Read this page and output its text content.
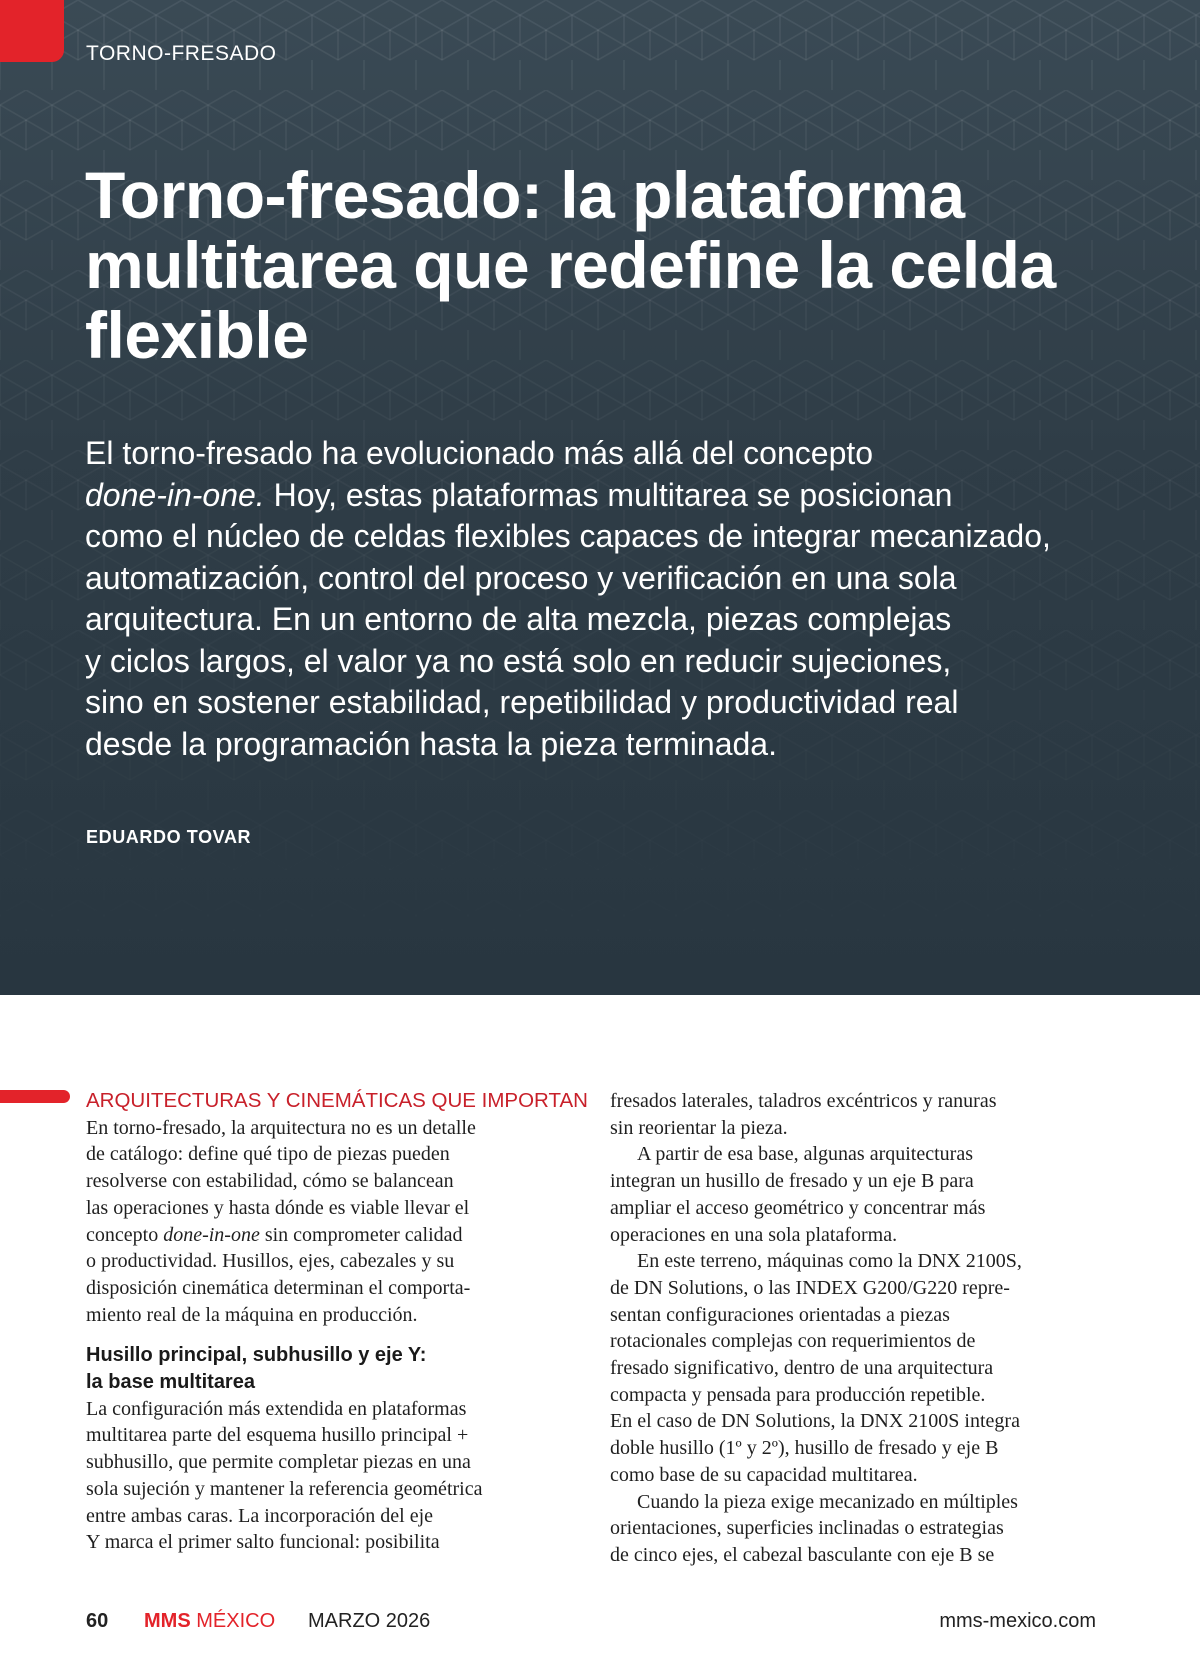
TORNO-FRESADO
Torno-fresado: la plataforma
multitarea que redefine la celda
flexible
El torno-fresado ha evolucionado más allá del concepto
done-in-one. Hoy, estas plataformas multitarea se posicionan
como el núcleo de celdas flexibles capaces de integrar mecanizado,
automatización, control del proceso y verificación en una sola
arquitectura. En un entorno de alta mezcla, piezas complejas
y ciclos largos, el valor ya no está solo en reducir sujeciones,
sino en sostener estabilidad, repetibilidad y productividad real
desde la programación hasta la pieza terminada.
EDUARDO TOVAR
ARQUITECTURAS Y CINEMÁTICAS QUE IMPORTAN
En torno-fresado, la arquitectura no es un detalle
de catálogo: define qué tipo de piezas pueden
resolverse con estabilidad, cómo se balancean
las operaciones y hasta dónde es viable llevar el
concepto done-in-one sin comprometer calidad
o productividad. Husillos, ejes, cabezales y su
disposición cinemática determinan el comporta-
miento real de la máquina en producción.
Husillo principal, subhusillo y eje Y:
la base multitarea
La configuración más extendida en plataformas
multitarea parte del esquema husillo principal +
subhusillo, que permite completar piezas en una
sola sujeción y mantener la referencia geométrica
entre ambas caras. La incorporación del eje
Y marca el primer salto funcional: posibilita
fresados laterales, taladros excéntricos y ranuras
sin reorientar la pieza.
A partir de esa base, algunas arquitecturas
integran un husillo de fresado y un eje B para
ampliar el acceso geométrico y concentrar más
operaciones en una sola plataforma.
En este terreno, máquinas como la DNX 2100S,
de DN Solutions, o las INDEX G200/G220 repre-
sentan configuraciones orientadas a piezas
rotacionales complejas con requerimientos de
fresado significativo, dentro de una arquitectura
compacta y pensada para producción repetible.
En el caso de DN Solutions, la DNX 2100S integra
doble husillo (1º y 2º), husillo de fresado y eje B
como base de su capacidad multitarea.
Cuando la pieza exige mecanizado en múltiples
orientaciones, superficies inclinadas o estrategias
de cinco ejes, el cabezal basculante con eje B se
60 MMS MÉXICO MARZO 2026	mms-mexico.com
